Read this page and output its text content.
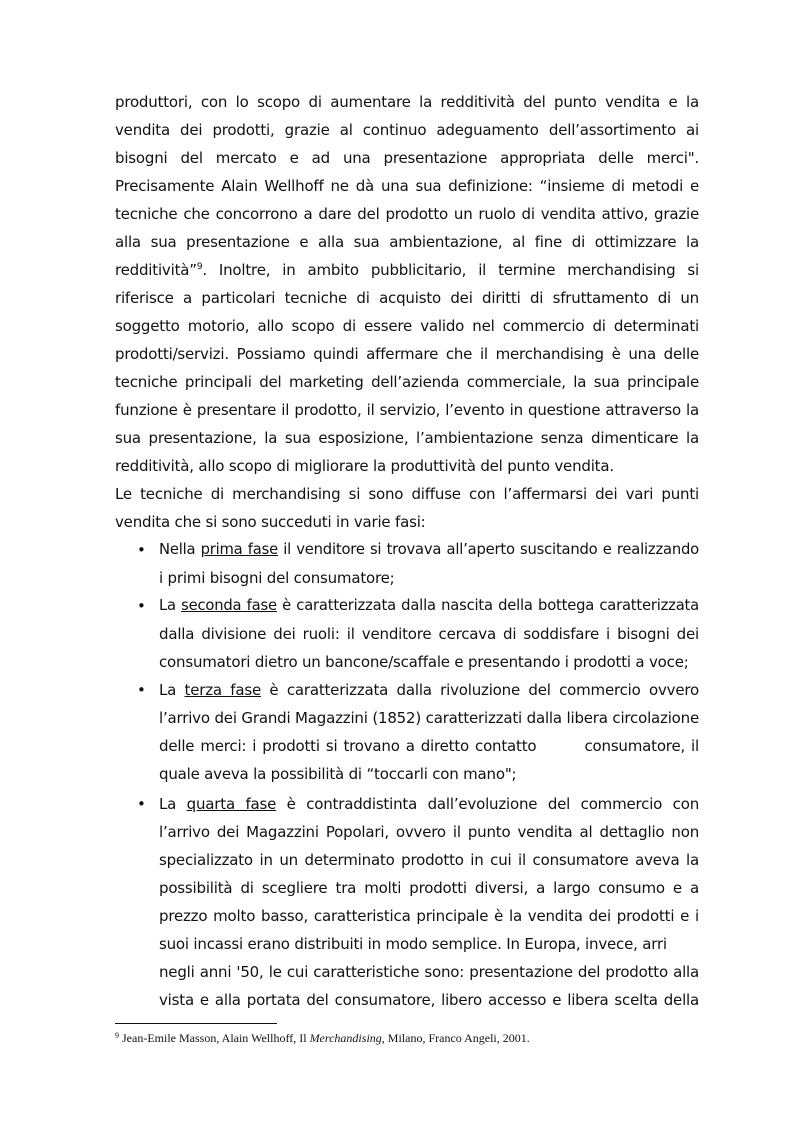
produttori, con lo scopo di aumentare la redditività del punto vendita e la
vendita dei prodotti, grazie al continuo adeguamento dell’assortimento ai
bisogni del mercato e ad una presentazione appropriata delle merci".
Precisamente Alain Wellhoff ne dà una sua definizione: “insieme di metodi e
tecniche che concorrono a dare del prodotto un ruolo di vendita attivo, grazie
alla sua presentazione e alla sua ambientazione, al fine di ottimizzare la
redditività”$^9$. Inoltre, in ambito pubblicitario, il termine merchandising si
riferisce a particolari tecniche di acquisto dei diritti di sfruttamento di un
soggetto motorio, allo scopo di essere valido nel commercio di determinati
prodotti/servizi. Possiamo quindi affermare che il merchandising è una delle
tecniche principali del marketing dell’azienda commerciale, la sua principale
funzione è presentare il prodotto, il servizio, l’evento in questione attraverso la
sua presentazione, la sua esposizione, l’ambientazione senza dimenticare la
redditività, allo scopo di migliorare la produttività del punto vendita.
Le tecniche di merchandising si sono diffuse con l’affermarsi dei vari punti
vendita che si sono succeduti in varie fasi:
• Nella prima fase il venditore si trovava all’aperto suscitando e realizzando
i primi bisogni del consumatore;
• La seconda fase è caratterizzata dalla nascita della bottega caratterizzata
dalla divisione dei ruoli: il venditore cercava di soddisfare i bisogni dei
consumatori dietro un bancone/scaffale e presentando i prodotti a voce;
• La terza fase è caratterizzata dalla rivoluzione del commercio ovvero
l’arrivo dei Grandi Magazzini (1852) caratterizzati dalla libera circolazione
delle merci: i prodotti si trovano a diretto contatto        consumatore, il
quale aveva la possibilità di “toccarli con mano";
• La quarta fase è contraddistinta dall’evoluzione del commercio con
l’arrivo dei Magazzini Popolari, ovvero il punto vendita al dettaglio non
specializzato in un determinato prodotto in cui il consumatore aveva la
possibilità di scegliere tra molti prodotti diversi, a largo consumo e a
prezzo molto basso, caratteristica principale è la vendita dei prodotti e i
suoi incassi erano distribuiti in modo semplice. In Europa, invece, arri
negli anni '50, le cui caratteristiche sono: presentazione del prodotto alla
vista e alla portata del consumatore, libero accesso e libera scelta della
$^9$ Jean-Emile Masson, Alain Wellhoff, Il Merchandising, Milano, Franco Angeli, 2001.
